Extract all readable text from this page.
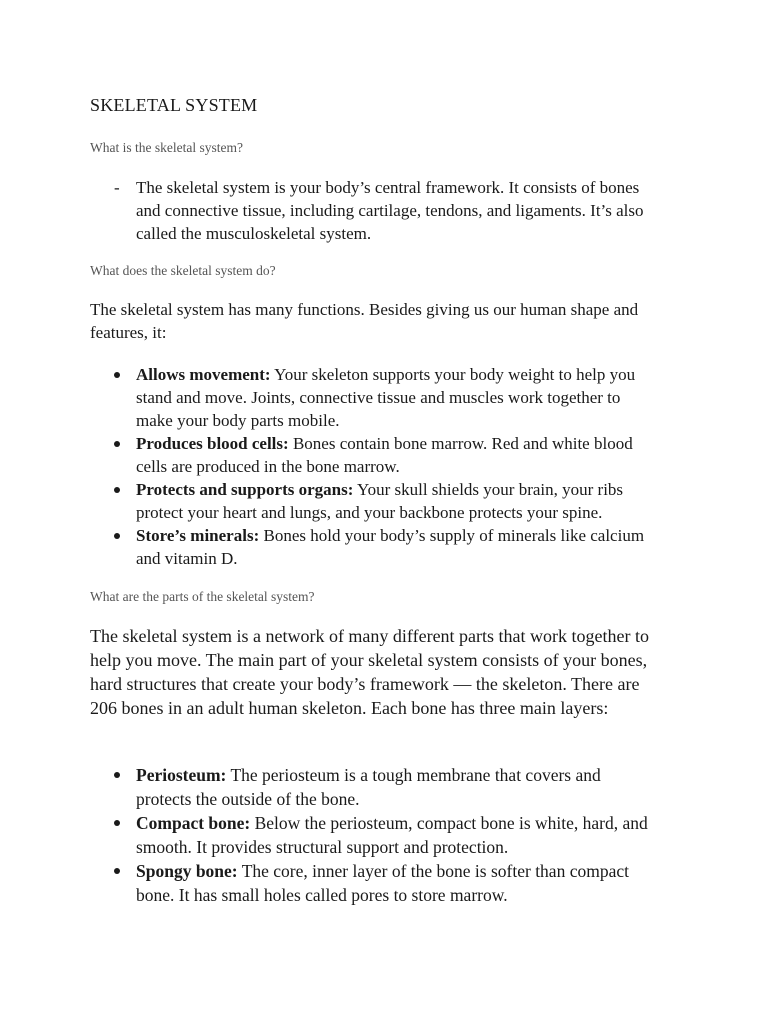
SKELETAL SYSTEM
What is the skeletal system?
- The skeletal system is your body’s central framework. It consists of bones and connective tissue, including cartilage, tendons, and ligaments. It’s also called the musculoskeletal system.
What does the skeletal system do?
The skeletal system has many functions. Besides giving us our human shape and features, it:
Allows movement: Your skeleton supports your body weight to help you stand and move. Joints, connective tissue and muscles work together to make your body parts mobile.
Produces blood cells: Bones contain bone marrow. Red and white blood cells are produced in the bone marrow.
Protects and supports organs: Your skull shields your brain, your ribs protect your heart and lungs, and your backbone protects your spine.
Store’s minerals: Bones hold your body’s supply of minerals like calcium and vitamin D.
What are the parts of the skeletal system?
The skeletal system is a network of many different parts that work together to help you move. The main part of your skeletal system consists of your bones, hard structures that create your body’s framework — the skeleton. There are 206 bones in an adult human skeleton. Each bone has three main layers:
Periosteum: The periosteum is a tough membrane that covers and protects the outside of the bone.
Compact bone: Below the periosteum, compact bone is white, hard, and smooth. It provides structural support and protection.
Spongy bone: The core, inner layer of the bone is softer than compact bone. It has small holes called pores to store marrow.
